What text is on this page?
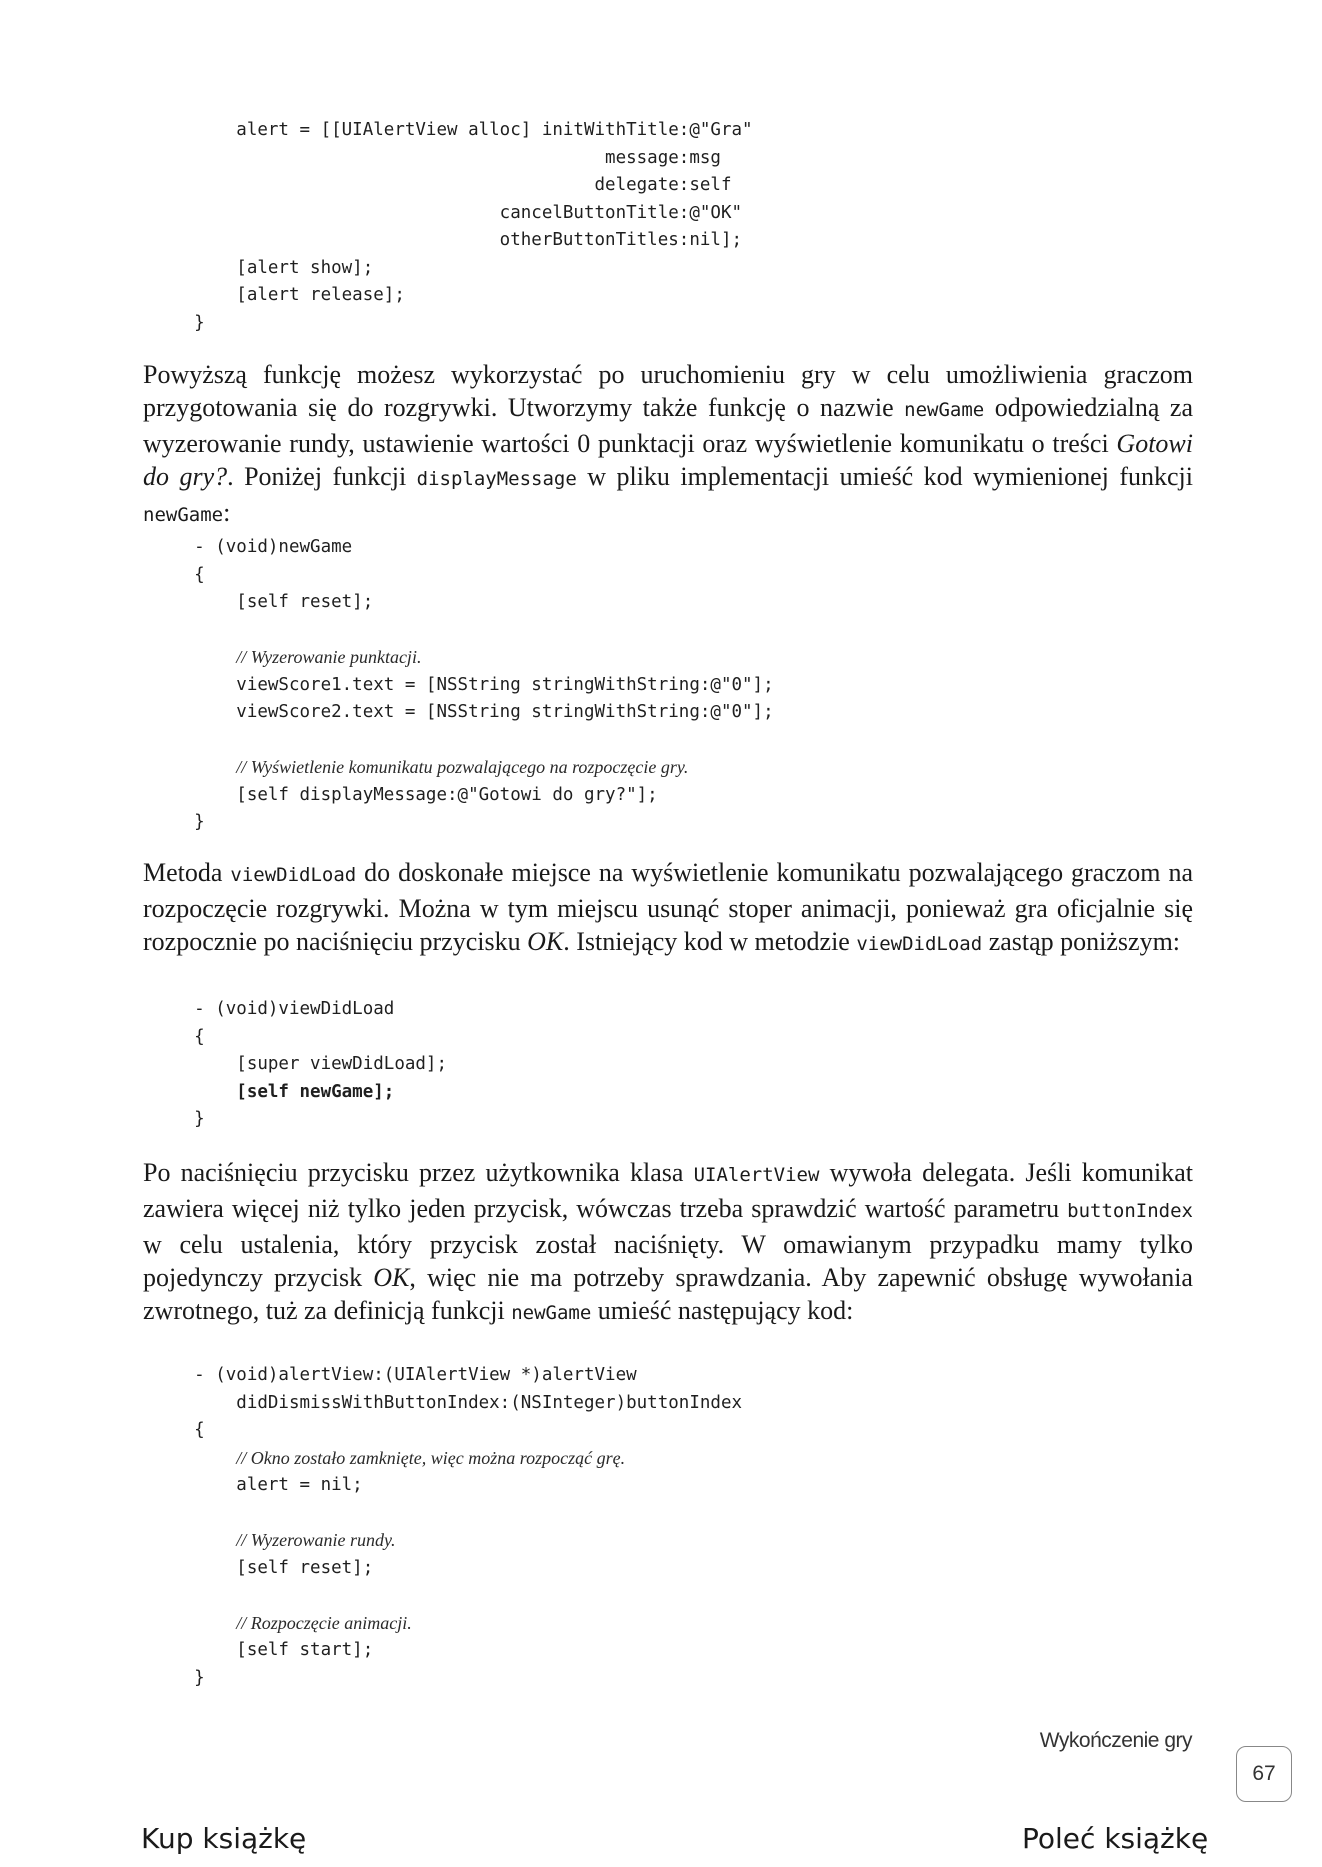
alert = [[UIAlertView alloc] initWithTitle:@"Gra"
message:msg
delegate:self
cancelButtonTitle:@"OK"
otherButtonTitles:nil];
[alert show];
[alert release];
}

Powyższą funkcję możesz wykorzystać po uruchomieniu gry w celu umożliwienia graczom przygotowania się do rozgrywki. Utworzymy także funkcję o nazwie newGame odpowiedzialną za wyzerowanie rundy, ustawienie wartości 0 punktacji oraz wyświetlenie komunikatu o treści Gotowi do gry?. Poniżej funkcji displayMessage w pliku implementacji umieść kod wymienionej funkcji newGame:

- (void)newGame
{
[self reset];
// Wyzerowanie punktacji.
viewScore1.text = [NSString stringWithString:@"0"];
viewScore2.text = [NSString stringWithString:@"0"];
// Wyświetlenie komunikatu pozwalającego na rozpoczęcie gry.
[self displayMessage:@"Gotowi do gry?"];
}

Metoda viewDidLoad do doskonałe miejsce na wyświetlenie komunikatu pozwalającego graczom na rozpoczęcie rozgrywki. Można w tym miejscu usunąć stoper animacji, ponieważ gra oficjalnie się rozpocznie po naciśnięciu przycisku OK. Istniejący kod w metodzie viewDidLoad zastąp poniższym:

- (void)viewDidLoad
{
[super viewDidLoad];
[self newGame];
}

Po naciśnięciu przycisku przez użytkownika klasa UIAlertView wywoła delegata. Jeśli komunikat zawiera więcej niż tylko jeden przycisk, wówczas trzeba sprawdzić wartość parametru buttonIndex w celu ustalenia, który przycisk został naciśnięty. W omawianym przypadku mamy tylko pojedynczy przycisk OK, więc nie ma potrzeby sprawdzania. Aby zapewnić obsługę wywołania zwrotnego, tuż za definicją funkcji newGame umieść następujący kod:

- (void)alertView:(UIAlertView *)alertView
didDismissWithButtonIndex:(NSInteger)buttonIndex
{
// Okno zostało zamknięte, więc można rozpocząć grę.
alert = nil;
// Wyzerowanie rundy.
[self reset];
// Rozpoczęcie animacji.
[self start];
}
Wykończenie gry
67
Kup książkę	Poleć książkę
